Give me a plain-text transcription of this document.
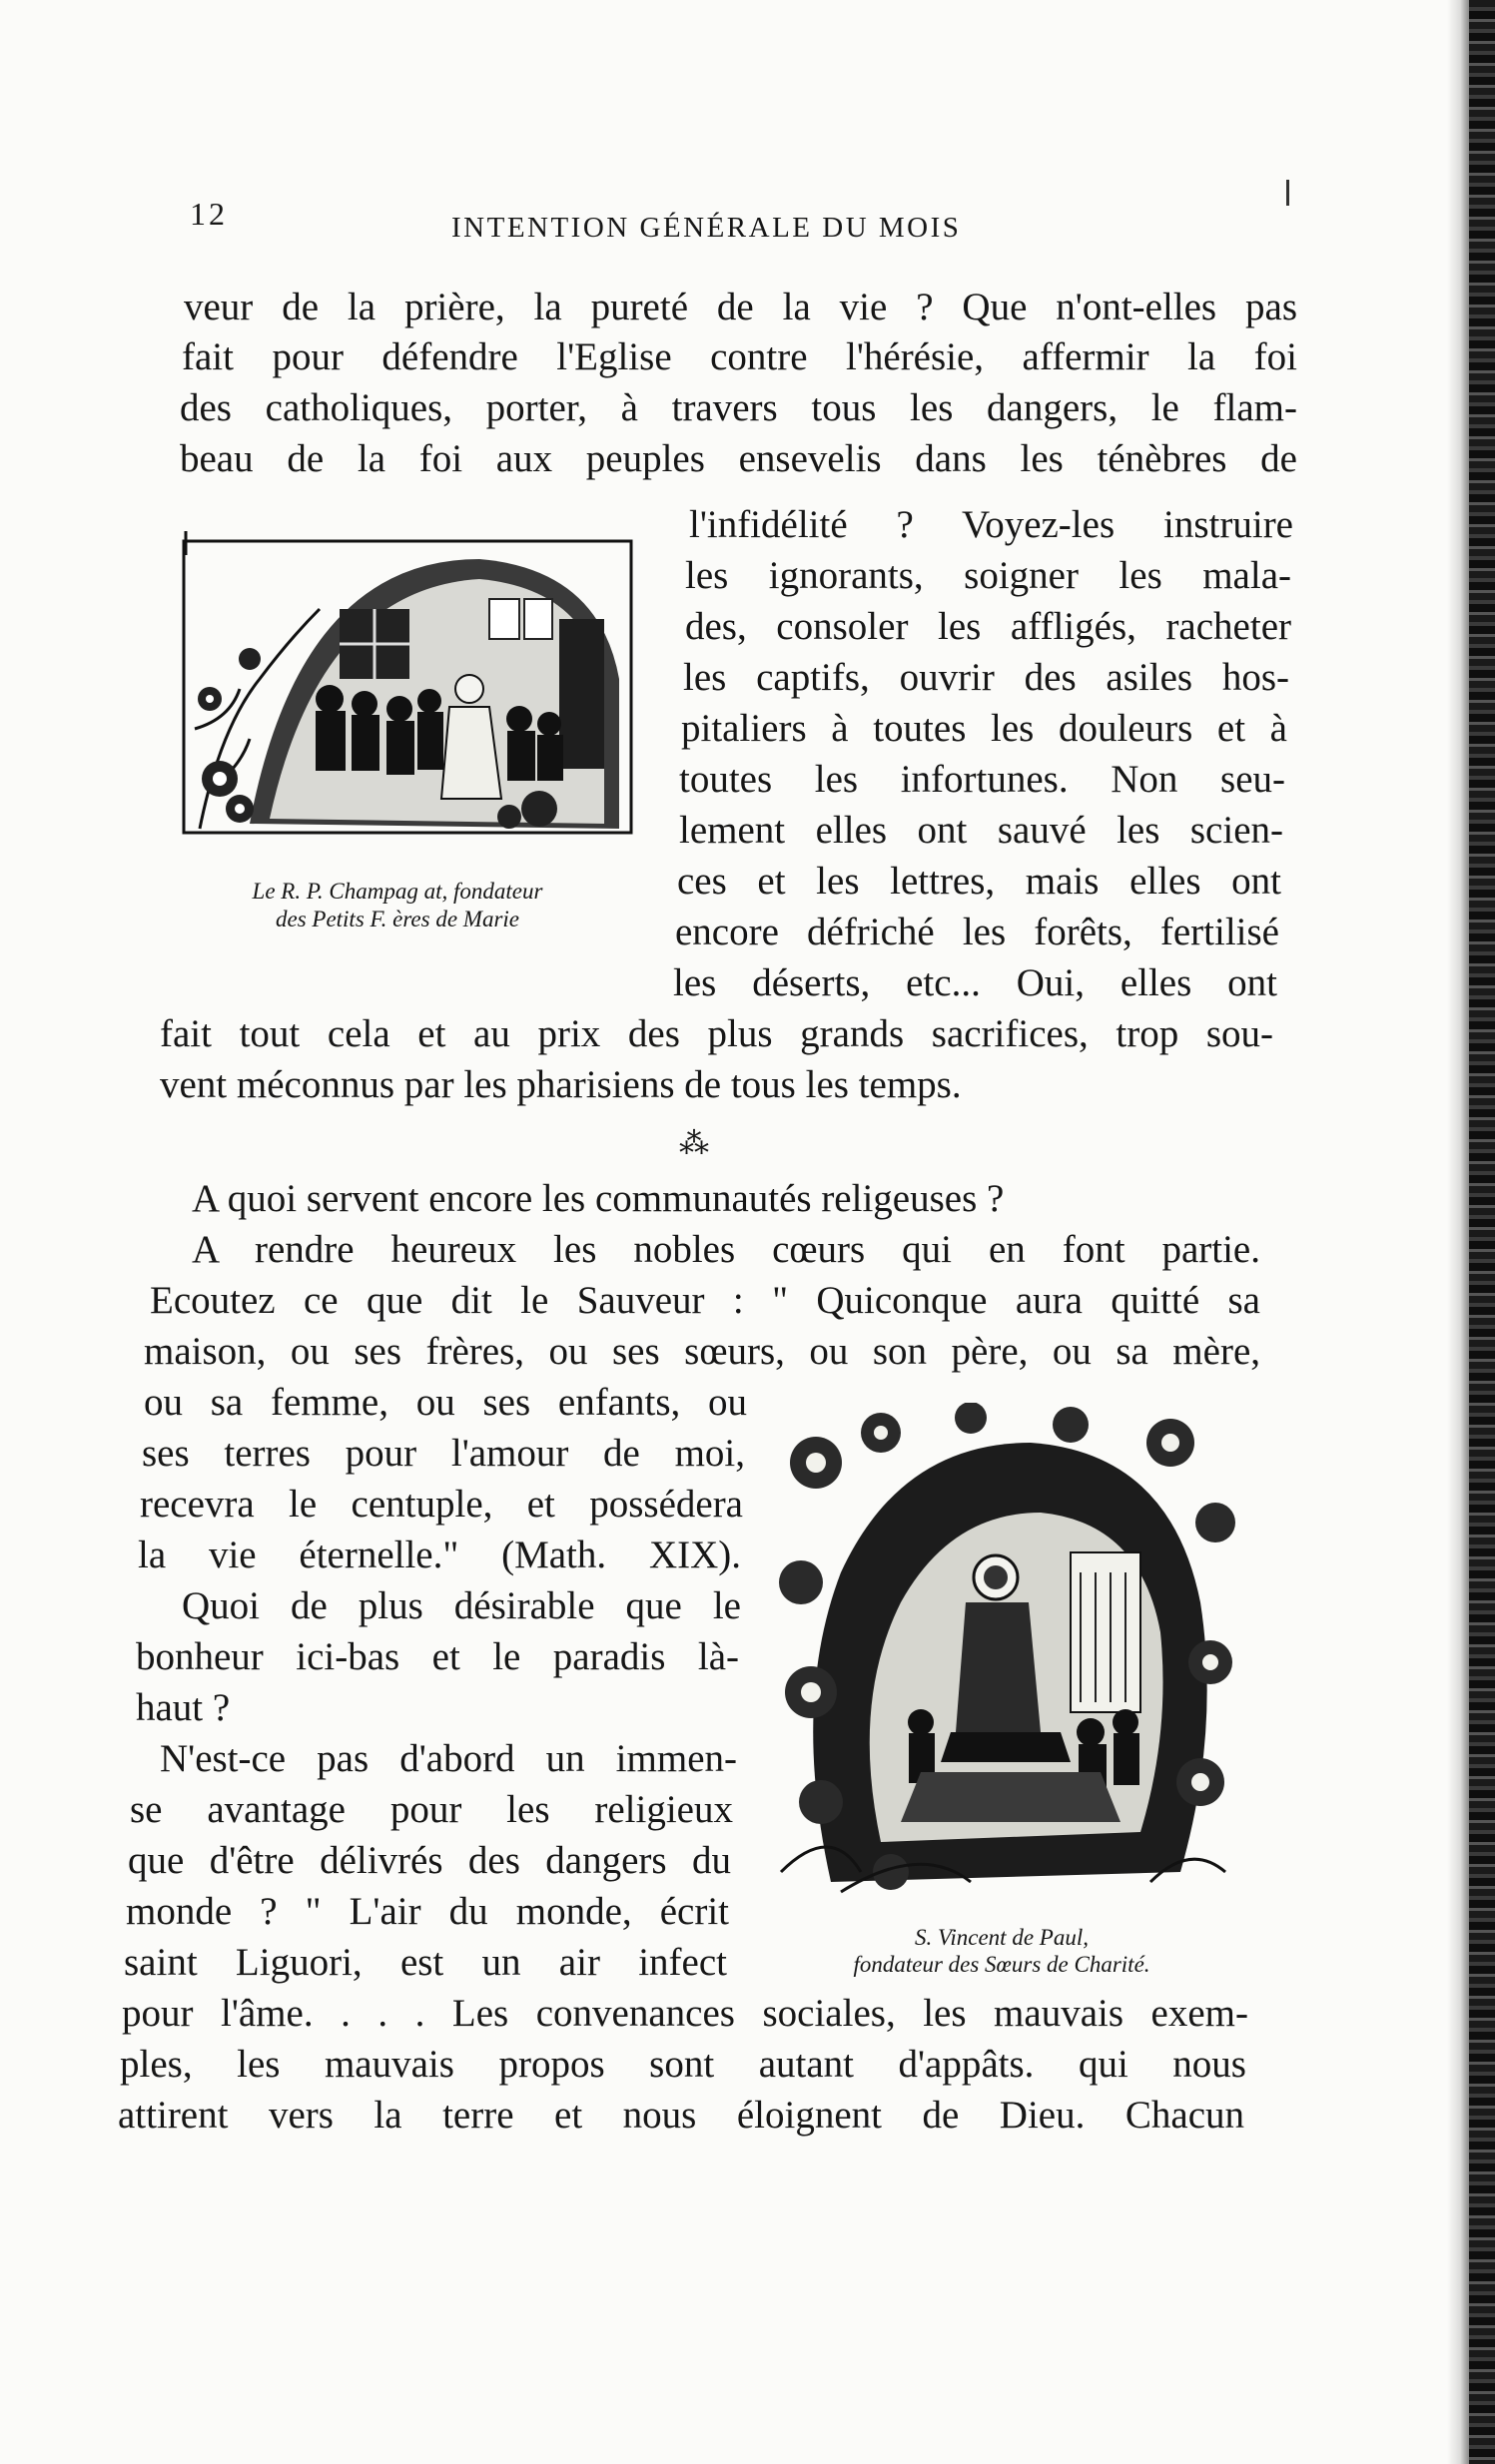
12	INTENTION GÉNÉRALE DU MOIS
veur de la prière, la pureté de la vie ? Que n'ont-elles pas
fait pour défendre l'Eglise contre l'hérésie, affermir la foi
des catholiques, porter, à travers tous les dangers, le flam-
beau de la foi aux peuples ensevelis dans les ténèbres de
Le R. P. Champag at, fondateur
des Petits F. ères de Marie
l'infidélité ? Voyez-les instruire
les ignorants, soigner les mala-
des, consoler les affligés, racheter
les captifs, ouvrir des asiles hos-
pitaliers à toutes les douleurs et à
toutes les infortunes. Non seu-
lement elles ont sauvé les scien-
ces et les lettres, mais elles ont
encore défriché les forêts, fertilisé
les déserts, etc... Oui, elles ont
fait tout cela et au prix des plus grands sacrifices, trop sou-
vent méconnus par les pharisiens de tous les temps.
⁂
A quoi servent encore les communautés religeuses ?
A rendre heureux les nobles cœurs qui en font partie.
Ecoutez ce que dit le Sauveur : " Quiconque aura quitté sa
maison, ou ses frères, ou ses sœurs, ou son père, ou sa mère,
S. Vincent de Paul,
fondateur des Sœurs de Charité.
ou sa femme, ou ses enfants, ou
ses terres pour l'amour de moi,
recevra le centuple, et possédera
la vie éternelle." (Math. XIX).
Quoi de plus désirable que le
bonheur ici-bas et le paradis là-
haut ?
N'est-ce pas d'abord un immen-
se avantage pour les religieux
que d'être délivrés des dangers du
monde ? " L'air du monde, écrit
saint Liguori, est un air infect
pour l'âme. . . . Les convenances sociales, les mauvais exem-
ples, les mauvais propos sont autant d'appâts. qui nous
attirent vers la terre et nous éloignent de Dieu. Chacun
